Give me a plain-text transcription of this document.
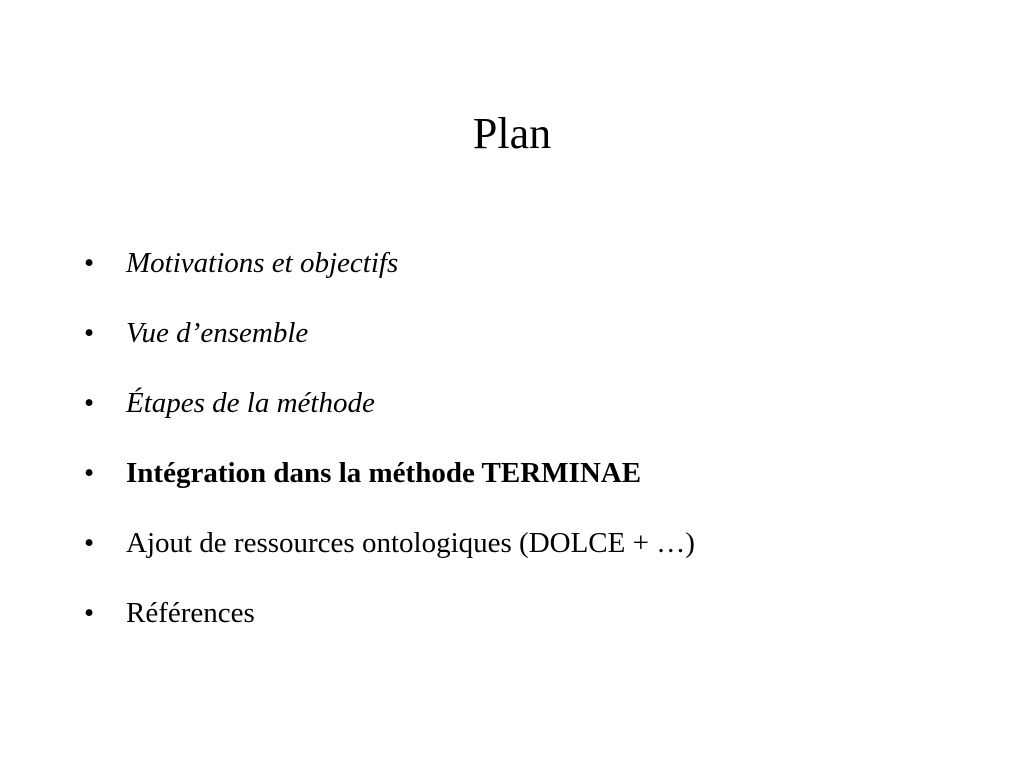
Plan
•	Motivations et objectifs
•	Vue d’ensemble
•	Étapes de la méthode
•	Intégration dans la méthode TERMINAE
•	Ajout de ressources ontologiques (DOLCE + …)
•	Références
